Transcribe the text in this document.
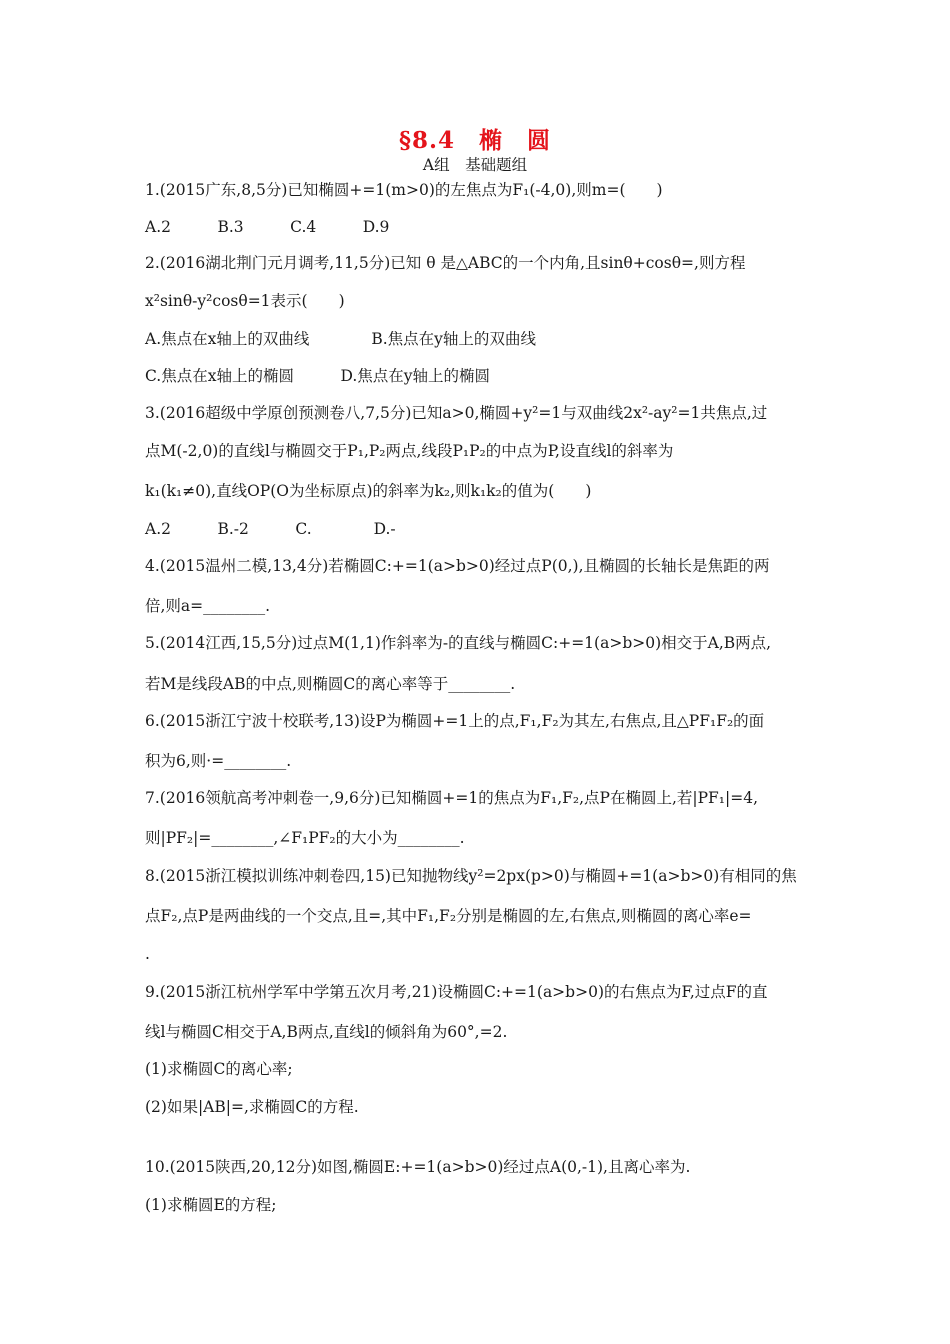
§8.4　椭　圆
A组　基础题组
1.(2015广东,8,5分)已知椭圆+=1(m>0)的左焦点为F₁(-4,0),则m=(　　)
A.2　　　B.3　　　C.4　　　D.9
2.(2016湖北荆门元月调考,11,5分)已知 θ 是△ABC的一个内角,且sinθ+cosθ=,则方程
x²sinθ-y²cosθ=1表示(　　)
A.焦点在x轴上的双曲线　　　　B.焦点在y轴上的双曲线
C.焦点在x轴上的椭圆　　　D.焦点在y轴上的椭圆
3.(2016超级中学原创预测卷八,7,5分)已知a>0,椭圆+y²=1与双曲线2x²-ay²=1共焦点,过
点M(-2,0)的直线l与椭圆交于P₁,P₂两点,线段P₁P₂的中点为P,设直线l的斜率为
k₁(k₁≠0),直线OP(O为坐标原点)的斜率为k₂,则k₁k₂的值为(　　)
A.2　　　B.-2　　　C.　　　　D.-
4.(2015温州二模,13,4分)若椭圆C:+=1(a>b>0)经过点P(0,),且椭圆的长轴长是焦距的两
倍,则a=________.
5.(2014江西,15,5分)过点M(1,1)作斜率为-的直线与椭圆C:+=1(a>b>0)相交于A,B两点,
若M是线段AB的中点,则椭圆C的离心率等于________.
6.(2015浙江宁波十校联考,13)设P为椭圆+=1上的点,F₁,F₂为其左,右焦点,且△PF₁F₂的面
积为6,则·=________.
7.(2016领航高考冲刺卷一,9,6分)已知椭圆+=1的焦点为F₁,F₂,点P在椭圆上,若|PF₁|=4,
则|PF₂|=________,∠F₁PF₂的大小为________.
8.(2015浙江模拟训练冲刺卷四,15)已知抛物线y²=2px(p>0)与椭圆+=1(a>b>0)有相同的焦
点F₂,点P是两曲线的一个交点,且=,其中F₁,F₂分别是椭圆的左,右焦点,则椭圆的离心率e=
.
9.(2015浙江杭州学军中学第五次月考,21)设椭圆C:+=1(a>b>0)的右焦点为F,过点F的直
线l与椭圆C相交于A,B两点,直线l的倾斜角为60°,=2.
(1)求椭圆C的离心率;
(2)如果|AB|=,求椭圆C的方程.
10.(2015陕西,20,12分)如图,椭圆E:+=1(a>b>0)经过点A(0,-1),且离心率为.
(1)求椭圆E的方程;
